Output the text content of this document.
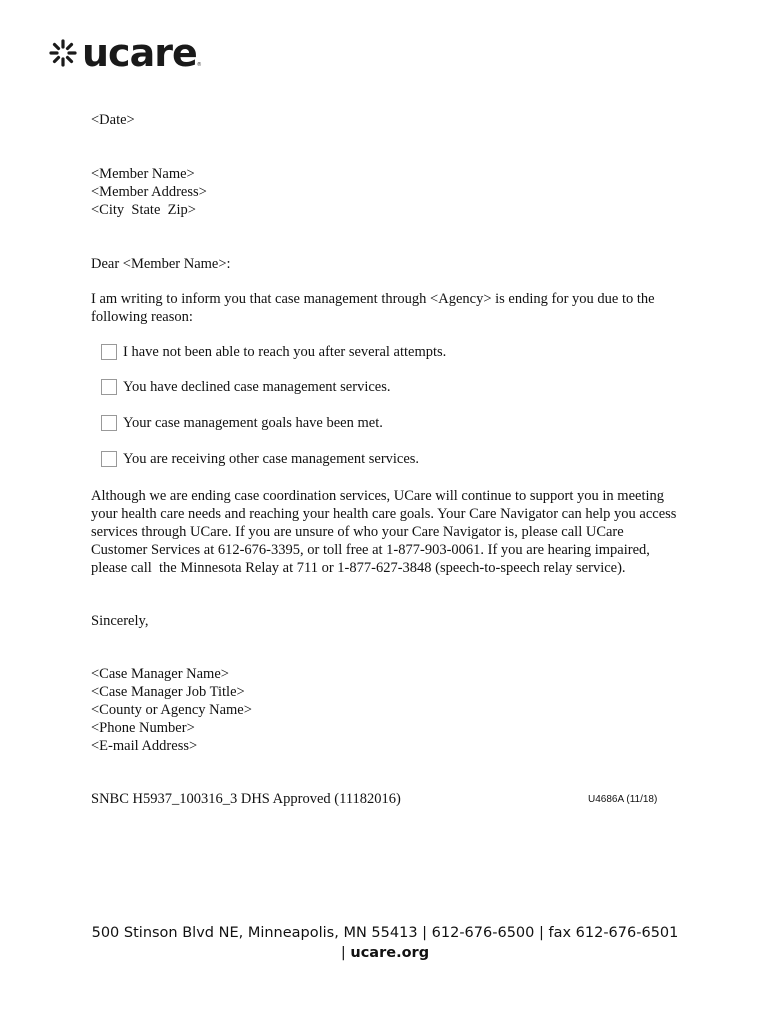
ucare ®
<Date>
<Member Name>
<Member Address>
<City  State  Zip>
Dear <Member Name>:
I am writing to inform you that case management through <Agency> is ending for you due to the following reason:
I have not been able to reach you after several attempts.
You have declined case management services.
Your case management goals have been met.
You are receiving other case management services.
Although we are ending case coordination services, UCare will continue to support you in meeting your health care needs and reaching your health care goals. Your Care Navigator can help you access services through UCare. If you are unsure of who your Care Navigator is, please call UCare Customer Services at 612-676-3395, or toll free at 1-877-903-0061. If you are hearing impaired, please call  the Minnesota Relay at 711 or 1-877-627-3848 (speech-to-speech relay service).
Sincerely,
<Case Manager Name>
<Case Manager Job Title>
<County or Agency Name>
<Phone Number>
<E-mail Address>
SNBC H5937_100316_3 DHS Approved (11182016)	U4686A (11/18)
500 Stinson Blvd NE, Minneapolis, MN 55413 | 612-676-6500 | fax 612-676-6501 | ucare.org
